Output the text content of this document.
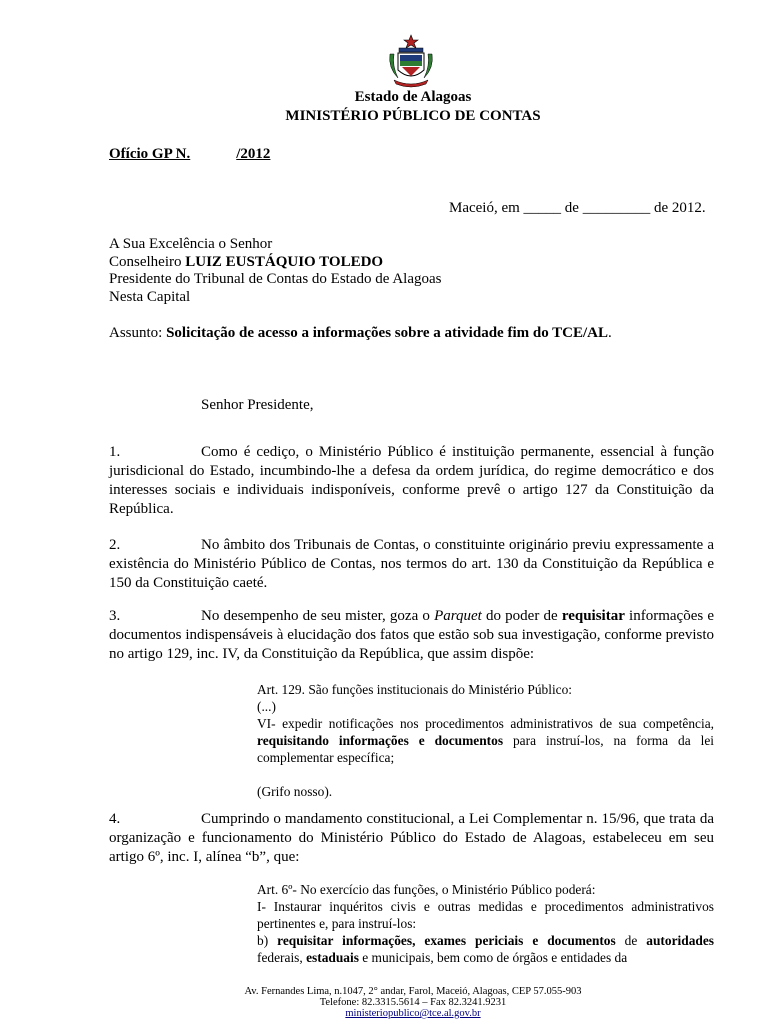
Estado de Alagoas
MINISTÉRIO PÚBLICO DE CONTAS
Ofício GP N.	/2012
Maceió, em _____ de _________ de 2012.
A Sua Excelência o Senhor
Conselheiro LUIZ EUSTÁQUIO TOLEDO
Presidente do Tribunal de Contas do Estado de Alagoas
Nesta Capital
Assunto: Solicitação de acesso a informações sobre a atividade fim do TCE/AL.
Senhor Presidente,
1.	Como é cediço, o Ministério Público é instituição permanente, essencial à função jurisdicional do Estado, incumbindo-lhe a defesa da ordem jurídica, do regime democrático e dos interesses sociais e individuais indisponíveis, conforme prevê o artigo 127 da Constituição da República.
2.	No âmbito dos Tribunais de Contas, o constituinte originário previu expressamente a existência do Ministério Público de Contas, nos termos do art. 130 da Constituição da República e 150 da Constituição caeté.
3.	No desempenho de seu mister, goza o Parquet do poder de requisitar informações e documentos indispensáveis à elucidação dos fatos que estão sob sua investigação, conforme previsto no artigo 129, inc. IV, da Constituição da República, que assim dispõe:
Art. 129. São funções institucionais do Ministério Público:
(...)
VI- expedir notificações nos procedimentos administrativos de sua competência, requisitando informações e documentos para instruí-los, na forma da lei complementar específica;
(Grifo nosso).
4.	Cumprindo o mandamento constitucional, a Lei Complementar n. 15/96, que trata da organização e funcionamento do Ministério Público do Estado de Alagoas, estabeleceu em seu artigo 6º, inc. I, alínea “b”, que:
Art. 6º- No exercício das funções, o Ministério Público poderá:
I- Instaurar inquéritos civis e outras medidas e procedimentos administrativos pertinentes e, para instruí-los:
b) requisitar informações, exames periciais e documentos de autoridades federais, estaduais e municipais, bem como de órgãos e entidades da
Av. Fernandes Lima, n.1047, 2° andar, Farol, Maceió, Alagoas, CEP 57.055-903
Telefone: 82.3315.5614 – Fax 82.3241.9231
ministeriopublico@tce.al.gov.br
